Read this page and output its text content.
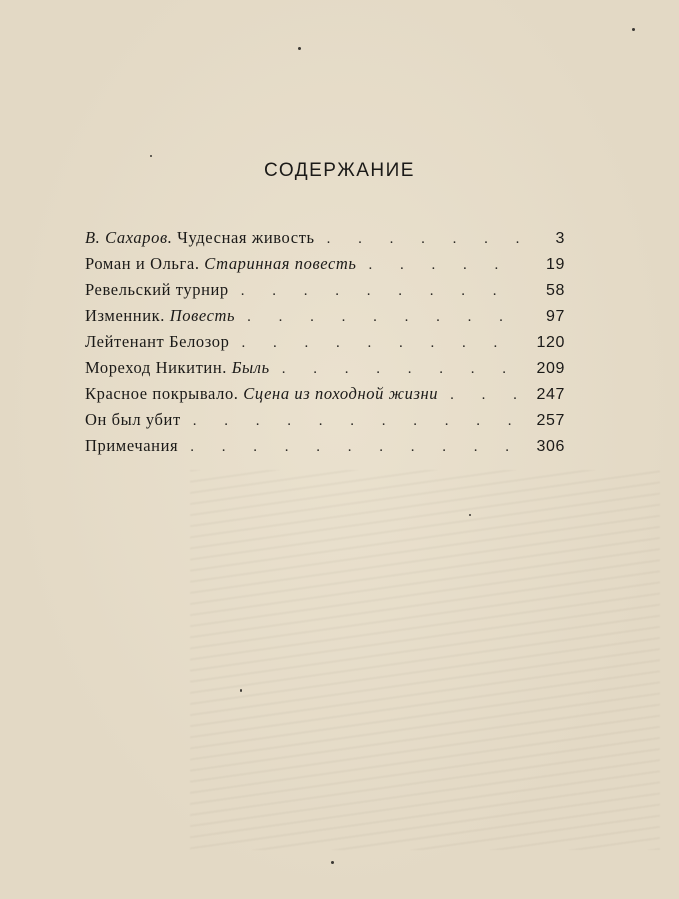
СОДЕРЖАНИЕ
В. Сахаров. Чудесная живость . . .	3
Роман и Ольга. Старинная повесть . . .	19
Ревельский турнир . . .	58
Изменник. Повесть . . .	97
Лейтенант Белозор . . .	120
Мореход Никитин. Быль . . .	209
Красное покрывало. Сцена из походной жизни . . .	247
Он был убит . . .	257
Примечания . . .	306
